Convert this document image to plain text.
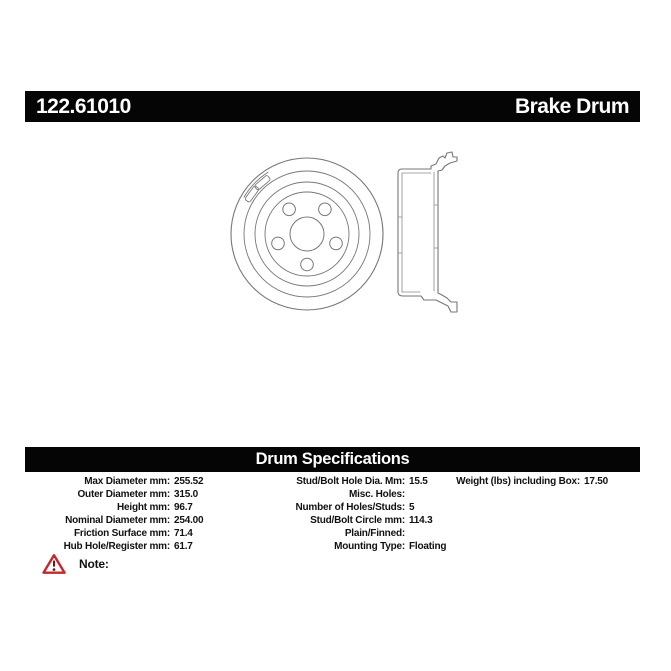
122.61010	Brake Drum
Drum Specifications
Max Diameter mm: 255.52
Outer Diameter mm: 315.0
Height mm: 96.7
Nominal Diameter mm: 254.00
Friction Surface mm: 71.4
Hub Hole/Register mm: 61.7
Stud/Bolt Hole Dia. Mm: 15.5
Misc. Holes:
Number of Holes/Studs: 5
Stud/Bolt Circle mm: 114.3
Plain/Finned:
Mounting Type: Floating
Weight (lbs) including Box: 17.50
Note:
